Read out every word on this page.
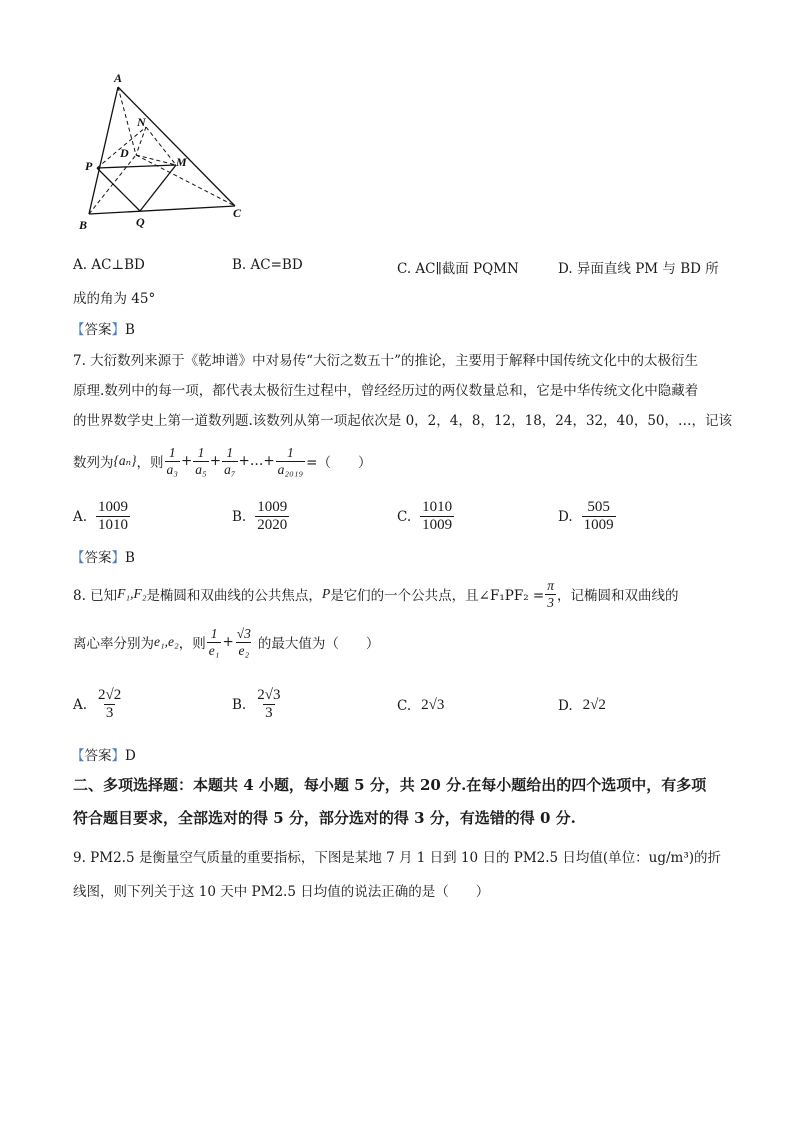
A
N
D
M
P
B	Q
C
A. AC⊥BD	B. AC=BD	C. AC∥截面 PQMN	D. 异面直线 PM 与 BD 所
成的角为 45°
【答案】B
7. 大衍数列来源于《乾坤谱》中对易传“大衍之数五十”的推论，主要用于解释中国传统文化中的太极衍生
原理.数列中的每一项，都代表太极衍生过程中，曾经经历过的两仪数量总和，它是中华传统文化中隐藏着
的世界数学史上第一道数列题.该数列从第一项起依次是 0，2，4，8，12，18，24，32，40，50，…，记该
数列为 {aₙ} ，则 $\frac{1}{\text{a₃}} + \frac{1}{\text{a₅}} + \frac{1}{\text{a₇}}$ + … + $\frac{1}{\text{a₂₀₁₉}}$ =（　　）
A. $\frac{1009}{1010}$	B. $\frac{1009}{2020}$	C. $\frac{1010}{1009}$	D. $\frac{505}{1009}$
【答案】B
8. 已知 F₁,F₂ 是椭圆和双曲线的公共焦点， P 是它们的一个公共点，且∠F₁PF₂ = $\frac{\pi}{3}$ ，记椭圆和双曲线的
离心率分别为 e₁,e₂ ，则 $\frac{1}{\text{e₁}} + \frac{√3}{\text{e₂}}$ 的最大值为（　　）
A. $\frac{2√2}{3}$	B. $\frac{2√3}{3}$	C. 2√3	D. 2√2
【答案】D
二、多项选择题：本题共 4 小题，每小题 5 分，共 20 分.在每小题给出的四个选项中，有多项
符合题目要求，全部选对的得 5 分，部分选对的得 3 分，有选错的得 0 分.
9. PM2.5 是衡量空气质量的重要指标，下图是某地 7 月 1 日到 10 日的 PM2.5 日均值(单位：ug/m³)的折
线图，则下列关于这 10 天中 PM2.5 日均值的说法正确的是（　　）
